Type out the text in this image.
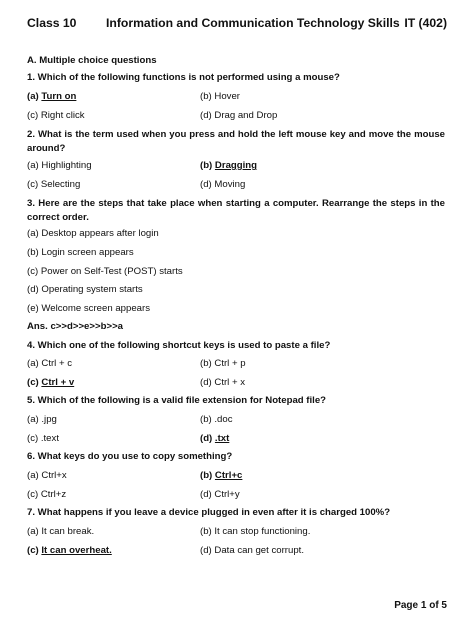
Class 10 Information and Communication Technology Skills IT (402)
A. Multiple choice questions
1. Which of the following functions is not performed using a mouse?
(a) Turn on	(b) Hover
(c) Right click	(d) Drag and Drop
2. What is the term used when you press and hold the left mouse key and move the mouse around?
(a) Highlighting	(b) Dragging
(c) Selecting	(d) Moving
3. Here are the steps that take place when starting a computer. Rearrange the steps in the correct order.
(a) Desktop appears after login
(b) Login screen appears
(c) Power on Self-Test (POST) starts
(d) Operating system starts
(e) Welcome screen appears
Ans. c>>d>>e>>b>>a
4. Which one of the following shortcut keys is used to paste a file?
(a) Ctrl + c	(b) Ctrl + p
(c) Ctrl + v	(d) Ctrl + x
5. Which of the following is a valid file extension for Notepad file?
(a) .jpg	(b) .doc
(c) .text	(d) .txt
6. What keys do you use to copy something?
(a) Ctrl+x	(b) Ctrl+c
(c) Ctrl+z	(d) Ctrl+y
7. What happens if you leave a device plugged in even after it is charged 100%?
(a) It can break.	(b) It can stop functioning.
(c) It can overheat.	(d) Data can get corrupt.
Page 1 of 5
